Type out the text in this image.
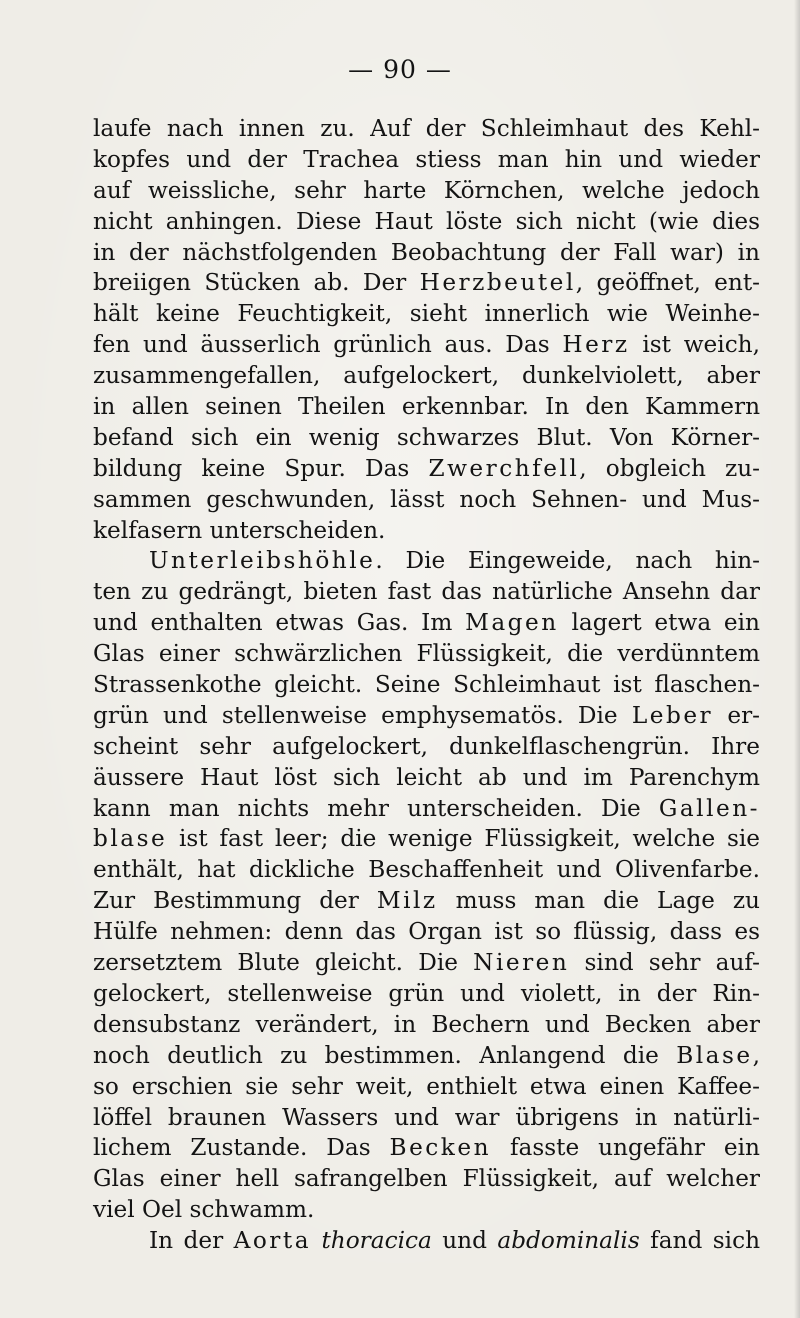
— 90 —
laufe nach innen zu. Auf der Schleimhaut des Kehl-
kopfes und der Trachea stiess man hin und wieder
auf weissliche, sehr harte Körnchen, welche jedoch
nicht anhingen. Diese Haut löste sich nicht (wie dies
in der nächstfolgenden Beobachtung der Fall war) in
breiigen Stücken ab. Der Herzbeutel, geöffnet, ent-
hält keine Feuchtigkeit, sieht innerlich wie Weinhe-
fen und äusserlich grünlich aus. Das Herz ist weich,
zusammengefallen, aufgelockert, dunkelviolett, aber
in allen seinen Theilen erkennbar. In den Kammern
befand sich ein wenig schwarzes Blut. Von Körner-
bildung keine Spur. Das Zwerchfell, obgleich zu-
sammen geschwunden, lässt noch Sehnen- und Mus-
kelfasern unterscheiden.
Unterleibshöhle. Die Eingeweide, nach hin-
ten zu gedrängt, bieten fast das natürliche Ansehn dar
und enthalten etwas Gas. Im Magen lagert etwa ein
Glas einer schwärzlichen Flüssigkeit, die verdünntem
Strassenkothe gleicht. Seine Schleimhaut ist flaschen-
grün und stellenweise emphysematös. Die Leber er-
scheint sehr aufgelockert, dunkelflaschengrün. Ihre
äussere Haut löst sich leicht ab und im Parenchym
kann man nichts mehr unterscheiden. Die Gallen-
blase ist fast leer; die wenige Flüssigkeit, welche sie
enthält, hat dickliche Beschaffenheit und Olivenfarbe.
Zur Bestimmung der Milz muss man die Lage zu
Hülfe nehmen: denn das Organ ist so flüssig, dass es
zersetztem Blute gleicht. Die Nieren sind sehr auf-
gelockert, stellenweise grün und violett, in der Rin-
densubstanz verändert, in Bechern und Becken aber
noch deutlich zu bestimmen. Anlangend die Blase,
so erschien sie sehr weit, enthielt etwa einen Kaffee-
löffel braunen Wassers und war übrigens in natürli-
lichem Zustande. Das Becken fasste ungefähr ein
Glas einer hell safrangelben Flüssigkeit, auf welcher
viel Oel schwamm.
In der Aorta thoracica und abdominalis fand sich
